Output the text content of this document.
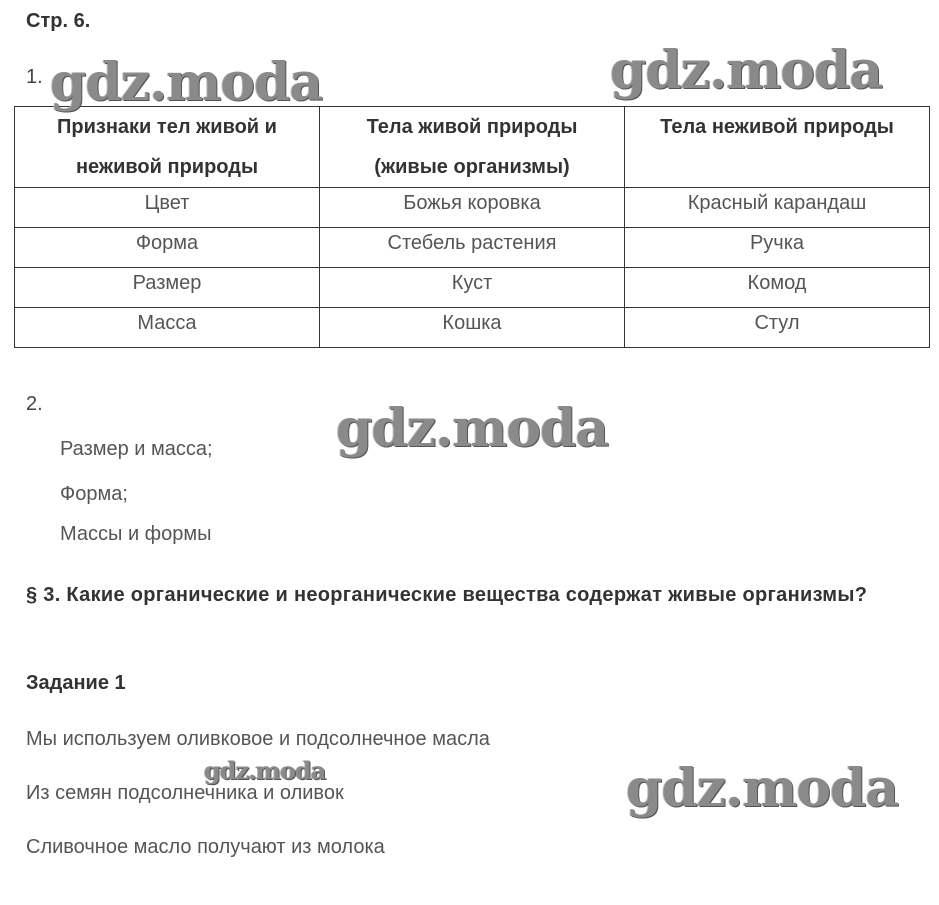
Стр. 6.
1.
Признаки тел живой и неживой природы	Тела живой природы (живые организмы)	Тела неживой природы
Цвет	Божья коровка	Красный карандаш
Форма	Стебель растения	Ручка
Размер	Куст	Комод
Масса	Кошка	Стул
2.
Размер и масса;
Форма;
Массы и формы
§ 3. Какие органические и неорганические вещества содержат живые организмы?
Задание 1
Мы используем оливковое и подсолнечное масла
Из семян подсолнечника и оливок
Сливочное масло получают из молока
gdz.moda	gdz.moda
gdz.moda
gdz.moda	gdz.moda
